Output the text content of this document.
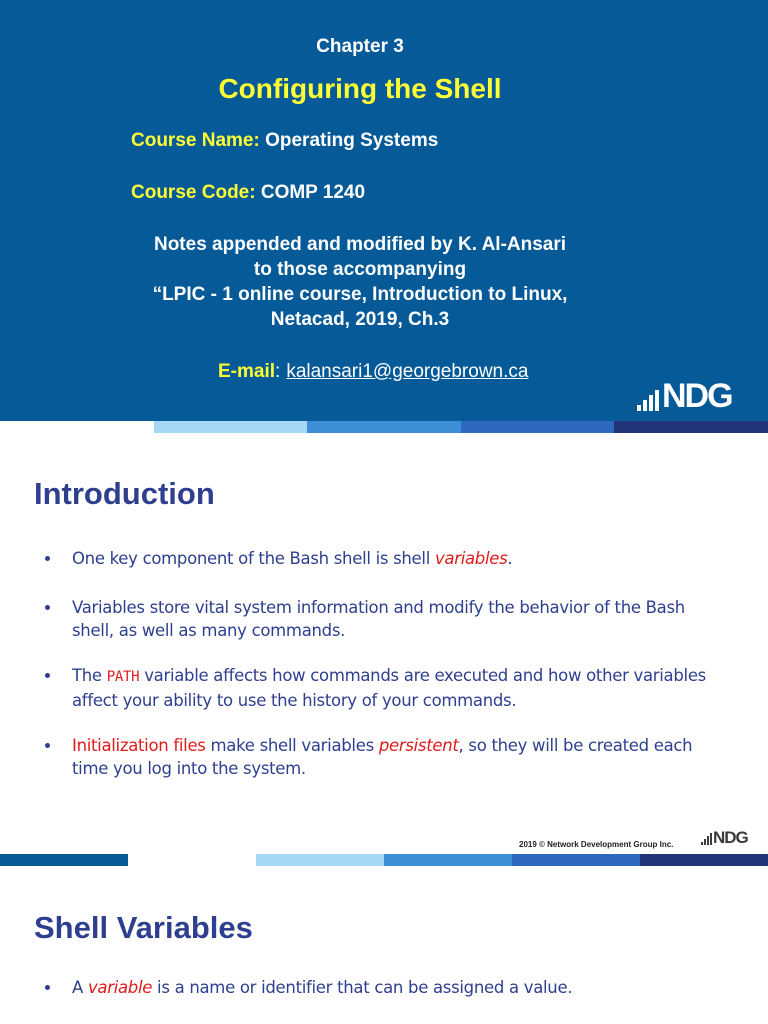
Chapter 3
Configuring the Shell
Course Name: Operating Systems
Course Code: COMP 1240
Notes appended and modified by K. Al-Ansari
to those accompanying
“LPIC - 1 online course, Introduction to Linux,
Netacad, 2019, Ch.3
E-mail: kalansari1@georgebrown.ca
NDG
Introduction
One key component of the Bash shell is shell variables.
Variables store vital system information and modify the behavior of the Bash shell, as well as many commands.
The PATH variable affects how commands are executed and how other variables affect your ability to use the history of your commands.
Initialization files make shell variables persistent, so they will be created each time you log into the system.
2019 © Network Development Group Inc. NDG
Shell Variables
A variable is a name or identifier that can be assigned a value.
